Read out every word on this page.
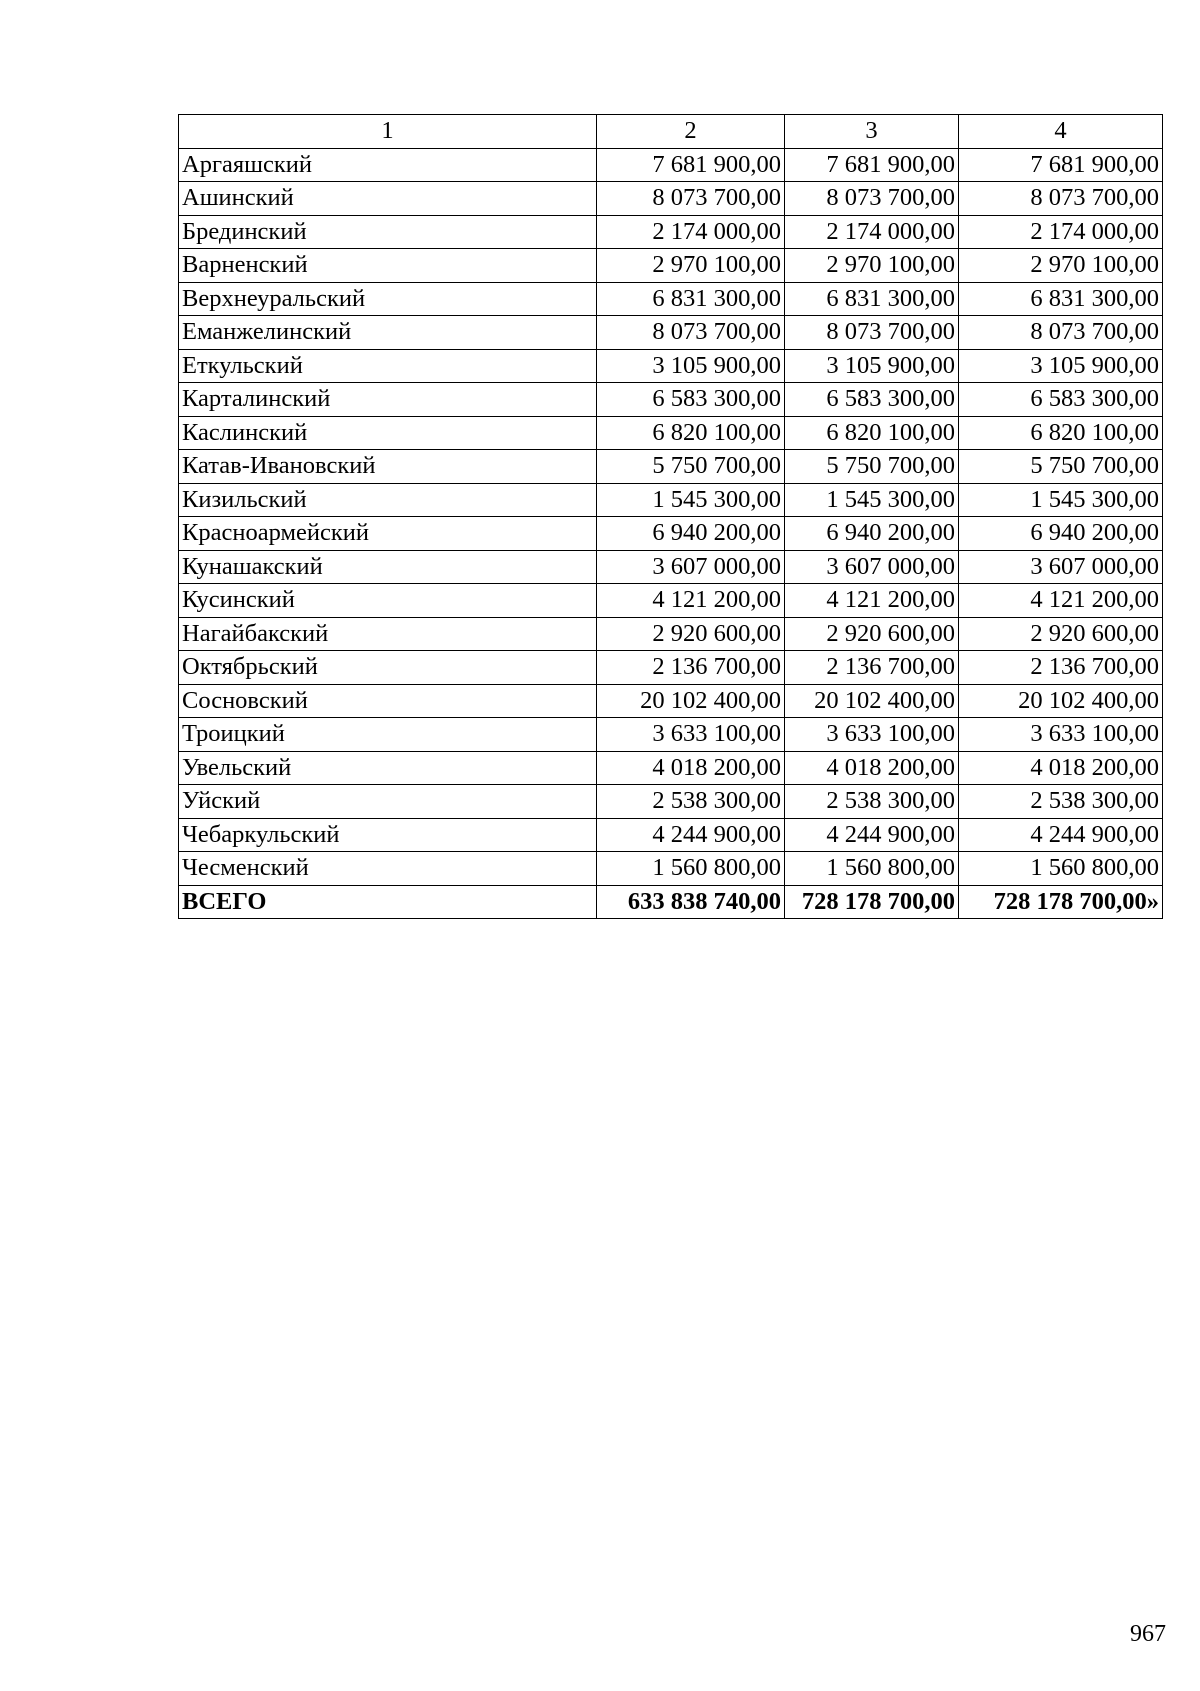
1	2	3	4
Аргаяшский	7 681 900,00	7 681 900,00	7 681 900,00
Ашинский	8 073 700,00	8 073 700,00	8 073 700,00
Брединский	2 174 000,00	2 174 000,00	2 174 000,00
Варненский	2 970 100,00	2 970 100,00	2 970 100,00
Верхнеуральский	6 831 300,00	6 831 300,00	6 831 300,00
Еманжелинский	8 073 700,00	8 073 700,00	8 073 700,00
Еткульский	3 105 900,00	3 105 900,00	3 105 900,00
Карталинский	6 583 300,00	6 583 300,00	6 583 300,00
Каслинский	6 820 100,00	6 820 100,00	6 820 100,00
Катав-Ивановский	5 750 700,00	5 750 700,00	5 750 700,00
Кизильский	1 545 300,00	1 545 300,00	1 545 300,00
Красноармейский	6 940 200,00	6 940 200,00	6 940 200,00
Кунашакский	3 607 000,00	3 607 000,00	3 607 000,00
Кусинский	4 121 200,00	4 121 200,00	4 121 200,00
Нагайбакский	2 920 600,00	2 920 600,00	2 920 600,00
Октябрьский	2 136 700,00	2 136 700,00	2 136 700,00
Сосновский	20 102 400,00	20 102 400,00	20 102 400,00
Троицкий	3 633 100,00	3 633 100,00	3 633 100,00
Увельский	4 018 200,00	4 018 200,00	4 018 200,00
Уйский	2 538 300,00	2 538 300,00	2 538 300,00
Чебаркульский	4 244 900,00	4 244 900,00	4 244 900,00
Чесменский	1 560 800,00	1 560 800,00	1 560 800,00
ВСЕГО	633 838 740,00	728 178 700,00	728 178 700,00»
967
